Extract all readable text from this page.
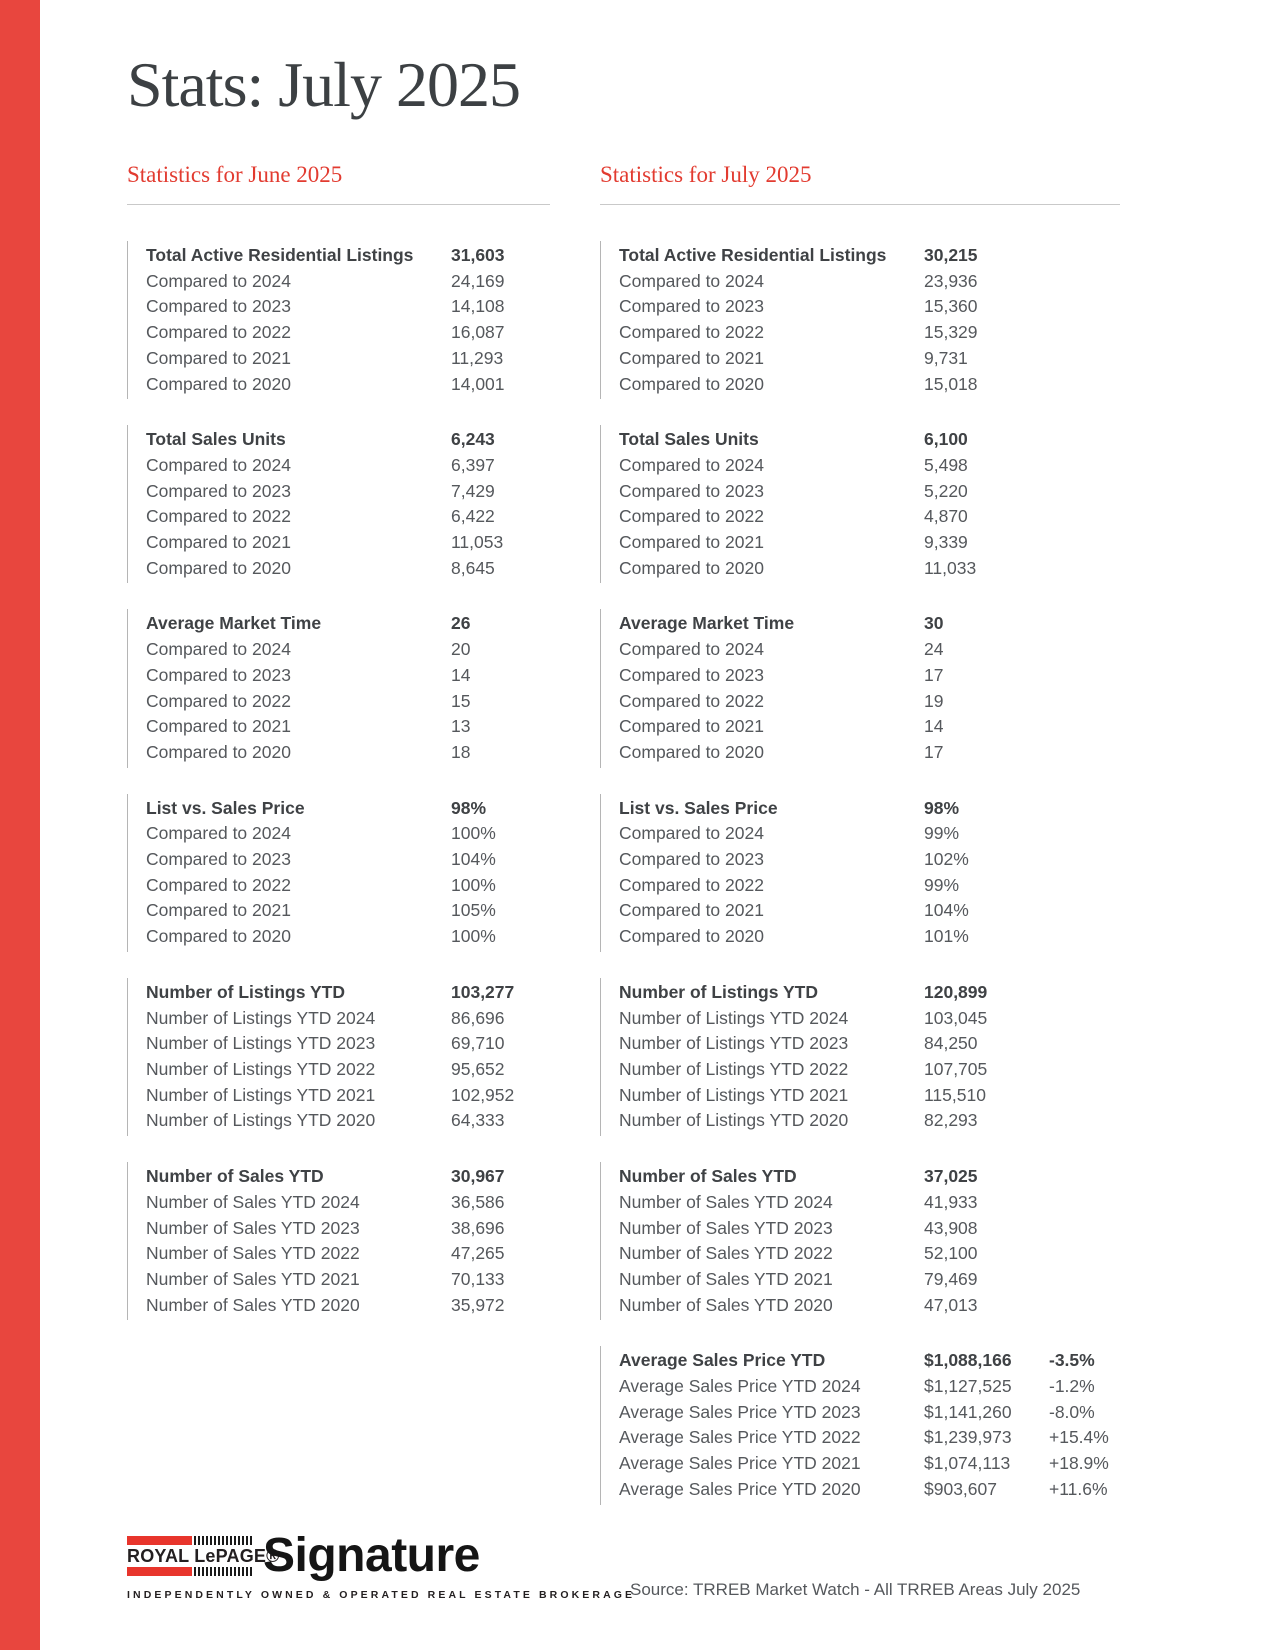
Stats: July 2025
Statistics for June 2025
Total Active Residential Listings	31,603
Compared to 2024	24,169
Compared to 2023	14,108
Compared to 2022	16,087
Compared to 2021	11,293
Compared to 2020	14,001
Total Sales Units	6,243
Compared to 2024	6,397
Compared to 2023	7,429
Compared to 2022	6,422
Compared to 2021	11,053
Compared to 2020	8,645
Average Market Time	26
Compared to 2024	20
Compared to 2023	14
Compared to 2022	15
Compared to 2021	13
Compared to 2020	18
List vs. Sales Price	98%
Compared to 2024	100%
Compared to 2023	104%
Compared to 2022	100%
Compared to 2021	105%
Compared to 2020	100%
Number of Listings YTD	103,277
Number of Listings YTD 2024	86,696
Number of Listings YTD 2023	69,710
Number of Listings YTD 2022	95,652
Number of Listings YTD 2021	102,952
Number of Listings YTD 2020	64,333
Number of Sales YTD	30,967
Number of Sales YTD 2024	36,586
Number of Sales YTD 2023	38,696
Number of Sales YTD 2022	47,265
Number of Sales YTD 2021	70,133
Number of Sales YTD 2020	35,972
Statistics for July 2025
Total Active Residential Listings	30,215
Compared to 2024	23,936
Compared to 2023	15,360
Compared to 2022	15,329
Compared to 2021	9,731
Compared to 2020	15,018
Total Sales Units	6,100
Compared to 2024	5,498
Compared to 2023	5,220
Compared to 2022	4,870
Compared to 2021	9,339
Compared to 2020	11,033
Average Market Time	30
Compared to 2024	24
Compared to 2023	17
Compared to 2022	19
Compared to 2021	14
Compared to 2020	17
List vs. Sales Price	98%
Compared to 2024	99%
Compared to 2023	102%
Compared to 2022	99%
Compared to 2021	104%
Compared to 2020	101%
Number of Listings YTD	120,899
Number of Listings YTD 2024	103,045
Number of Listings YTD 2023	84,250
Number of Listings YTD 2022	107,705
Number of Listings YTD 2021	115,510
Number of Listings YTD 2020	82,293
Number of Sales YTD	37,025
Number of Sales YTD 2024	41,933
Number of Sales YTD 2023	43,908
Number of Sales YTD 2022	52,100
Number of Sales YTD 2021	79,469
Number of Sales YTD 2020	47,013
Average Sales Price YTD	$1,088,166	-3.5%
Average Sales Price YTD 2024	$1,127,525	-1.2%
Average Sales Price YTD 2023	$1,141,260	-8.0%
Average Sales Price YTD 2022	$1,239,973	+15.4%
Average Sales Price YTD 2021	$1,074,113	+18.9%
Average Sales Price YTD 2020	$903,607	+11.6%
ROYAL LePAGE®
Signature
INDEPENDENTLY OWNED & OPERATED REAL ESTATE BROKERAGE
Source: TRREB Market Watch - All TRREB Areas July 2025
